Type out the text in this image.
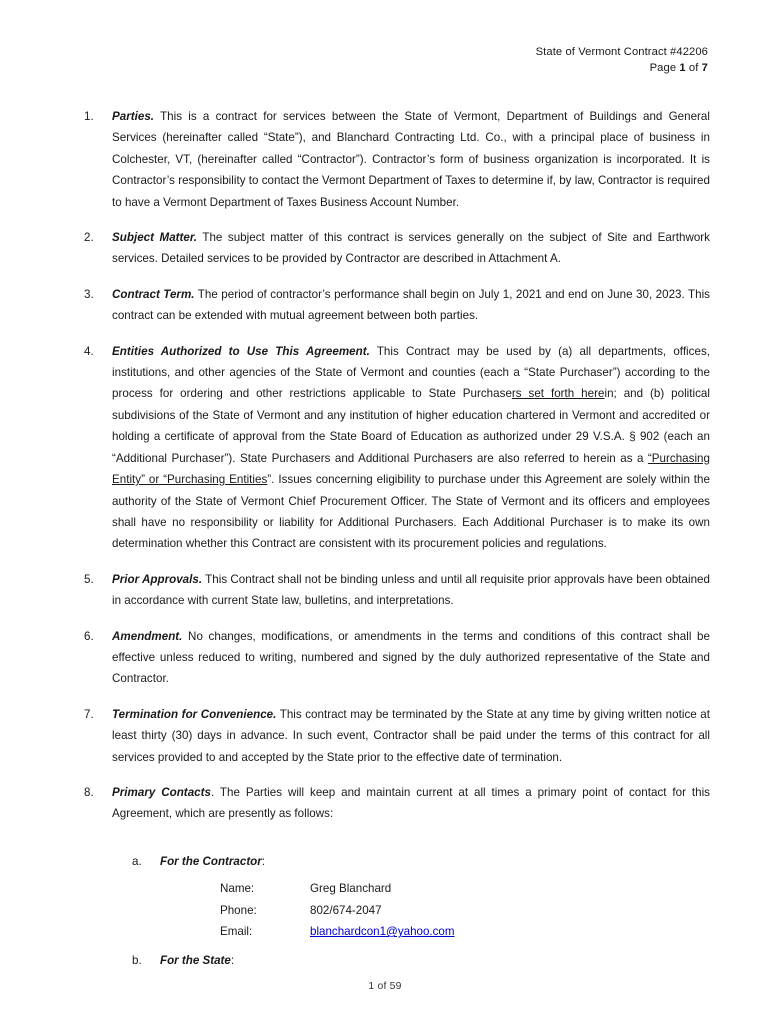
State of Vermont Contract #42206
Page 1 of 7
1.	Parties. This is a contract for services between the State of Vermont, Department of Buildings and General Services (hereinafter called “State”), and Blanchard Contracting Ltd. Co., with a principal place of business in Colchester, VT, (hereinafter called “Contractor”). Contractor’s form of business organization is incorporated. It is Contractor’s responsibility to contact the Vermont Department of Taxes to determine if, by law, Contractor is required to have a Vermont Department of Taxes Business Account Number.
2.	Subject Matter. The subject matter of this contract is services generally on the subject of Site and Earthwork services. Detailed services to be provided by Contractor are described in Attachment A.
3.	Contract Term. The period of contractor’s performance shall begin on July 1, 2021 and end on June 30, 2023. This contract can be extended with mutual agreement between both parties.
4.	Entities Authorized to Use This Agreement. This Contract may be used by (a) all departments, offices, institutions, and other agencies of the State of Vermont and counties (each a “State Purchaser”) according to the process for ordering and other restrictions applicable to State Purchasers set forth herein; and (b) political subdivisions of the State of Vermont and any institution of higher education chartered in Vermont and accredited or holding a certificate of approval from the State Board of Education as authorized under 29 V.S.A. § 902 (each an “Additional Purchaser”). State Purchasers and Additional Purchasers are also referred to herein as a “Purchasing Entity” or “Purchasing Entities”. Issues concerning eligibility to purchase under this Agreement are solely within the authority of the State of Vermont Chief Procurement Officer. The State of Vermont and its officers and employees shall have no responsibility or liability for Additional Purchasers. Each Additional Purchaser is to make its own determination whether this Contract are consistent with its procurement policies and regulations.
5.	Prior Approvals. This Contract shall not be binding unless and until all requisite prior approvals have been obtained in accordance with current State law, bulletins, and interpretations.
6.	Amendment. No changes, modifications, or amendments in the terms and conditions of this contract shall be effective unless reduced to writing, numbered and signed by the duly authorized representative of the State and Contractor.
7.	Termination for Convenience. This contract may be terminated by the State at any time by giving written notice at least thirty (30) days in advance. In such event, Contractor shall be paid under the terms of this contract for all services provided to and accepted by the State prior to the effective date of termination.
8.	Primary Contacts. The Parties will keep and maintain current at all times a primary point of contact for this Agreement, which are presently as follows:
a. For the Contractor:
Name:	Greg Blanchard
Phone:	802/674-2047
Email:	blanchardcon1@yahoo.com
b. For the State:
1 of 59
